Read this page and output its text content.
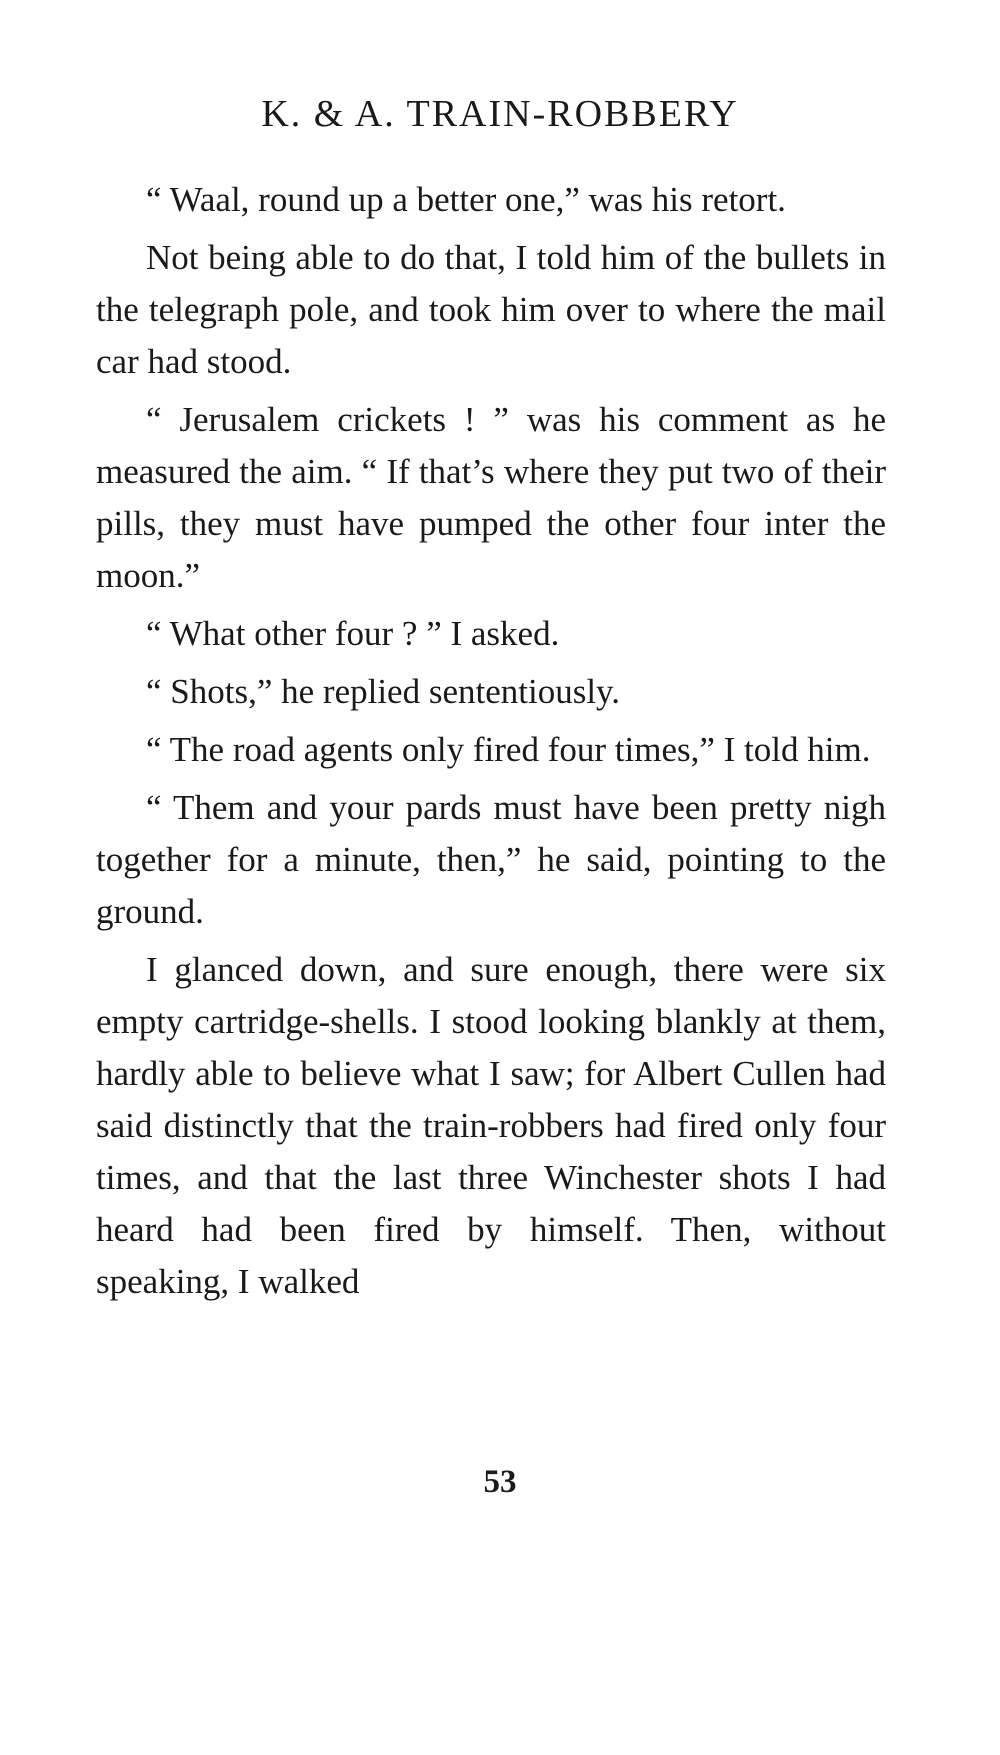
K. & A. TRAIN-ROBBERY

“ Waal, round up a better one,” was his retort.

Not being able to do that, I told him of the bullets in the telegraph pole, and took him over to where the mail car had stood.

“ Jerusalem crickets ! ” was his comment as he measured the aim. “ If that’s where they put two of their pills, they must have pumped the other four inter the moon.”

“ What other four ? ” I asked.

“ Shots,” he replied sententiously.

“ The road agents only fired four times,” I told him.

“ Them and your pards must have been pretty nigh together for a minute, then,” he said, pointing to the ground.

I glanced down, and sure enough, there were six empty cartridge-shells. I stood looking blankly at them, hardly able to believe what I saw; for Albert Cullen had said distinctly that the train-robbers had fired only four times, and that the last three Winchester shots I had heard had been fired by himself. Then, without speaking, I walked

53
